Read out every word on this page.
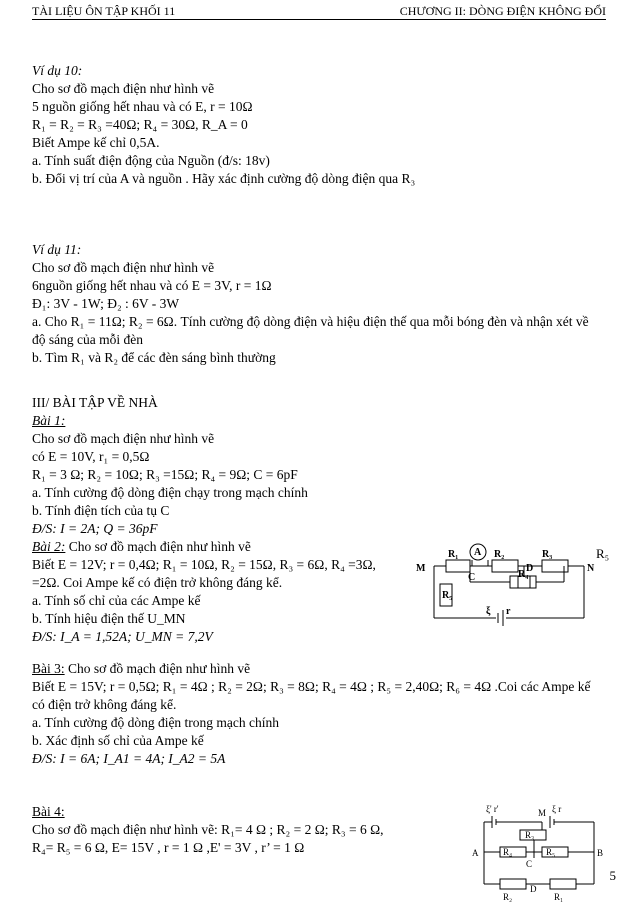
TÀI LIỆU ÔN TẬP KHỐI 11	CHƯƠNG II: DÒNG ĐIỆN KHÔNG ĐỔI
Ví dụ 10:
Cho sơ đồ mạch điện như hình vẽ
5 nguồn giống hết nhau và có E, r = 10Ω
R₁ = R₂ = R₃ =40Ω; R₄ = 30Ω, R_A = 0
Biết Ampe kế chỉ 0,5A.
a. Tính suất điện động của Nguồn (đ/s: 18v)
b. Đổi vị trí của A và nguồn . Hãy xác định cường độ dòng điện qua R₃
Ví dụ 11:
Cho sơ đồ mạch điện như hình vẽ
6nguồn giống hết nhau và có E = 3V, r = 1Ω
Đ₁: 3V - 1W; Đ₂ : 6V - 3W
a. Cho R₁ = 11Ω; R₂ = 6Ω. Tính cường độ dòng điện và hiệu điện thế qua mỗi bóng đèn và nhận xét về
độ sáng của mỗi đèn
b. Tìm R₁ và R₂ để các đèn sáng bình thường
III/ BÀI TẬP VỀ NHÀ
Bài 1:
Cho sơ đồ mạch điện như hình vẽ
có E = 10V, r₁ = 0,5Ω
R₁ = 3 Ω; R₂ = 10Ω; R₃ =15Ω; R₄ = 9Ω; C = 6pF
a. Tính cường độ dòng điện chạy trong mạch chính
b. Tính điện tích của tụ C
Đ/S: I = 2A; Q = 36pF
Bài 2: Cho sơ đồ mạch điện như hình vẽ
Biết E = 12V; r = 0,4Ω; R₁ = 10Ω, R₂ = 15Ω, R₃ = 6Ω, R₄ =3Ω,
=2Ω. Coi Ampe kế có điện trở không đáng kể.
a. Tính số chỉ của các Ampe kế
b. Tính hiệu điện thế U_MN
Đ/S: I_A = 1,52A; U_MN = 7,2V
R₅
M	N
A
R₁	R₂	R₃
D
R₄
C
R₅
ξ r
Bài 3: Cho sơ đồ mạch điện như hình vẽ
Biết E = 15V; r = 0,5Ω; R₁ = 4Ω ; R₂ = 2Ω; R₃ = 8Ω; R₄ = 4Ω ; R₅ = 2,40Ω; R₆ = 4Ω .Coi các Ampe kế
có điện trở không đáng kể.
a. Tính cường độ dòng điện trong mạch chính
b. Xác định số chỉ của Ampe kế
Đ/S: I = 6A; I_A1 = 4A; I_A2 = 5A
Bài 4:
Cho sơ đồ mạch điện như hình vẽ: R₁= 4 Ω ; R₂ = 2 Ω; R₃ = 6 Ω,
R₄= R₅ = 6 Ω, E= 15V , r = 1 Ω ,E' = 3V , r’ = 1 Ω
ξ' r'	M ξ r
A	B
C
D
R₃
R₄	R₅
R₂	R₁
5
